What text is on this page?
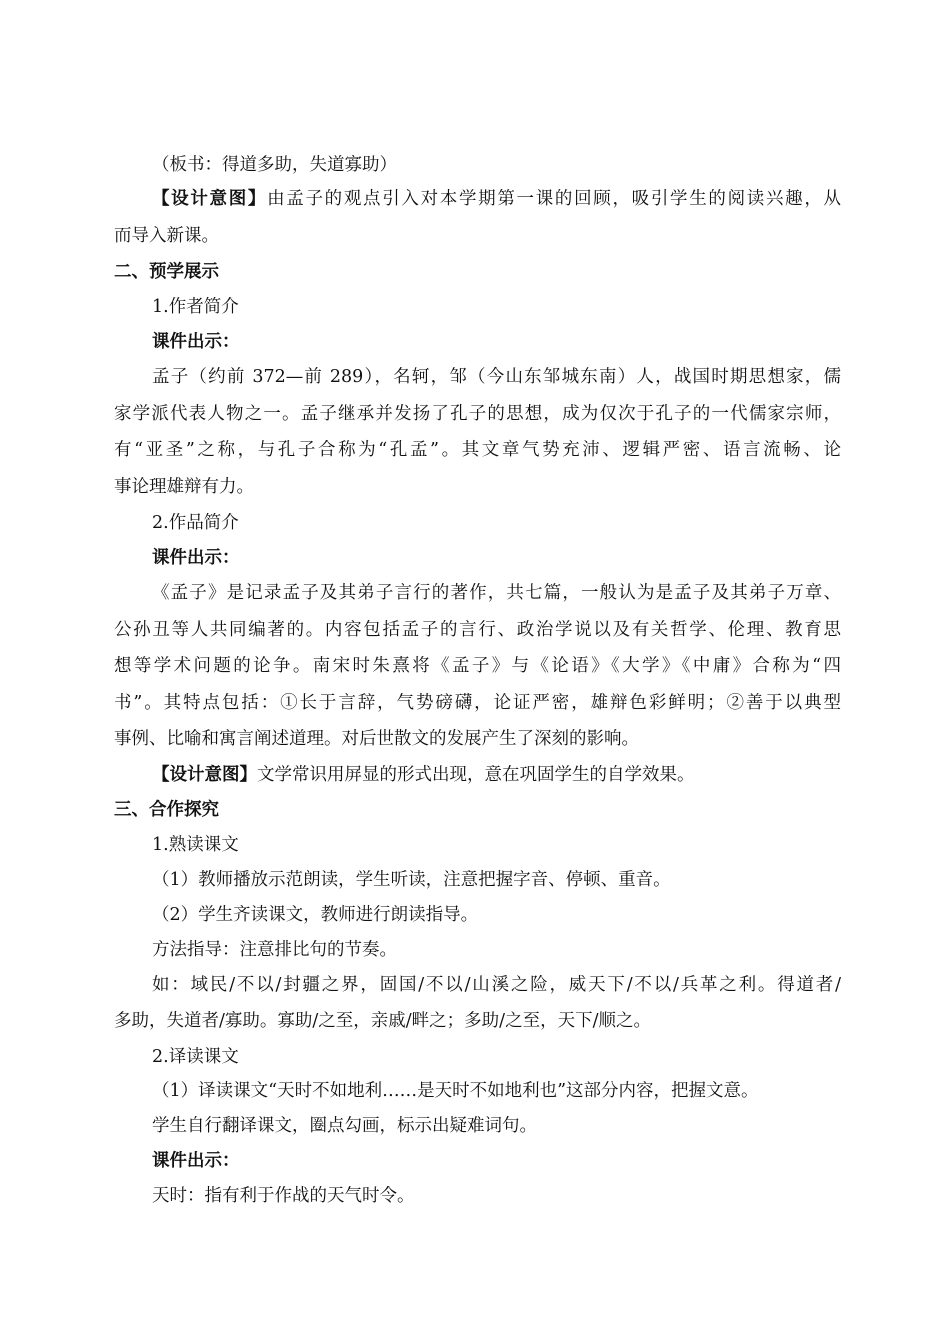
（板书：得道多助，失道寡助）
【设计意图】由孟子的观点引入对本学期第一课的回顾，吸引学生的阅读兴趣，从
而导入新课。
二、预学展示
1.作者简介
课件出示：
孟子（约前 372—前 289），名轲，邹（今山东邹城东南）人，战国时期思想家，儒
家学派代表人物之一。孟子继承并发扬了孔子的思想，成为仅次于孔子的一代儒家宗师，
有“亚圣”之称，与孔子合称为“孔孟”。其文章气势充沛、逻辑严密、语言流畅、论
事论理雄辩有力。
2.作品简介
课件出示：
《孟子》是记录孟子及其弟子言行的著作，共七篇，一般认为是孟子及其弟子万章、
公孙丑等人共同编著的。内容包括孟子的言行、政治学说以及有关哲学、伦理、教育思
想等学术问题的论争。南宋时朱熹将《孟子》与《论语》《大学》《中庸》合称为“四
书”。其特点包括：①长于言辞，气势磅礴，论证严密，雄辩色彩鲜明；②善于以典型
事例、比喻和寓言阐述道理。对后世散文的发展产生了深刻的影响。
【设计意图】文学常识用屏显的形式出现，意在巩固学生的自学效果。
三、合作探究
1.熟读课文
（1）教师播放示范朗读，学生听读，注意把握字音、停顿、重音。
（2）学生齐读课文，教师进行朗读指导。
方法指导：注意排比句的节奏。
如：域民/不以/封疆之界，固国/不以/山溪之险，威天下/不以/兵革之利。得道者/
多助，失道者/寡助。寡助/之至，亲戚/畔之；多助/之至，天下/顺之。
2.译读课文
（1）译读课文“天时不如地利……是天时不如地利也”这部分内容，把握文意。
学生自行翻译课文，圈点勾画，标示出疑难词句。
课件出示：
天时：指有利于作战的天气时令。
